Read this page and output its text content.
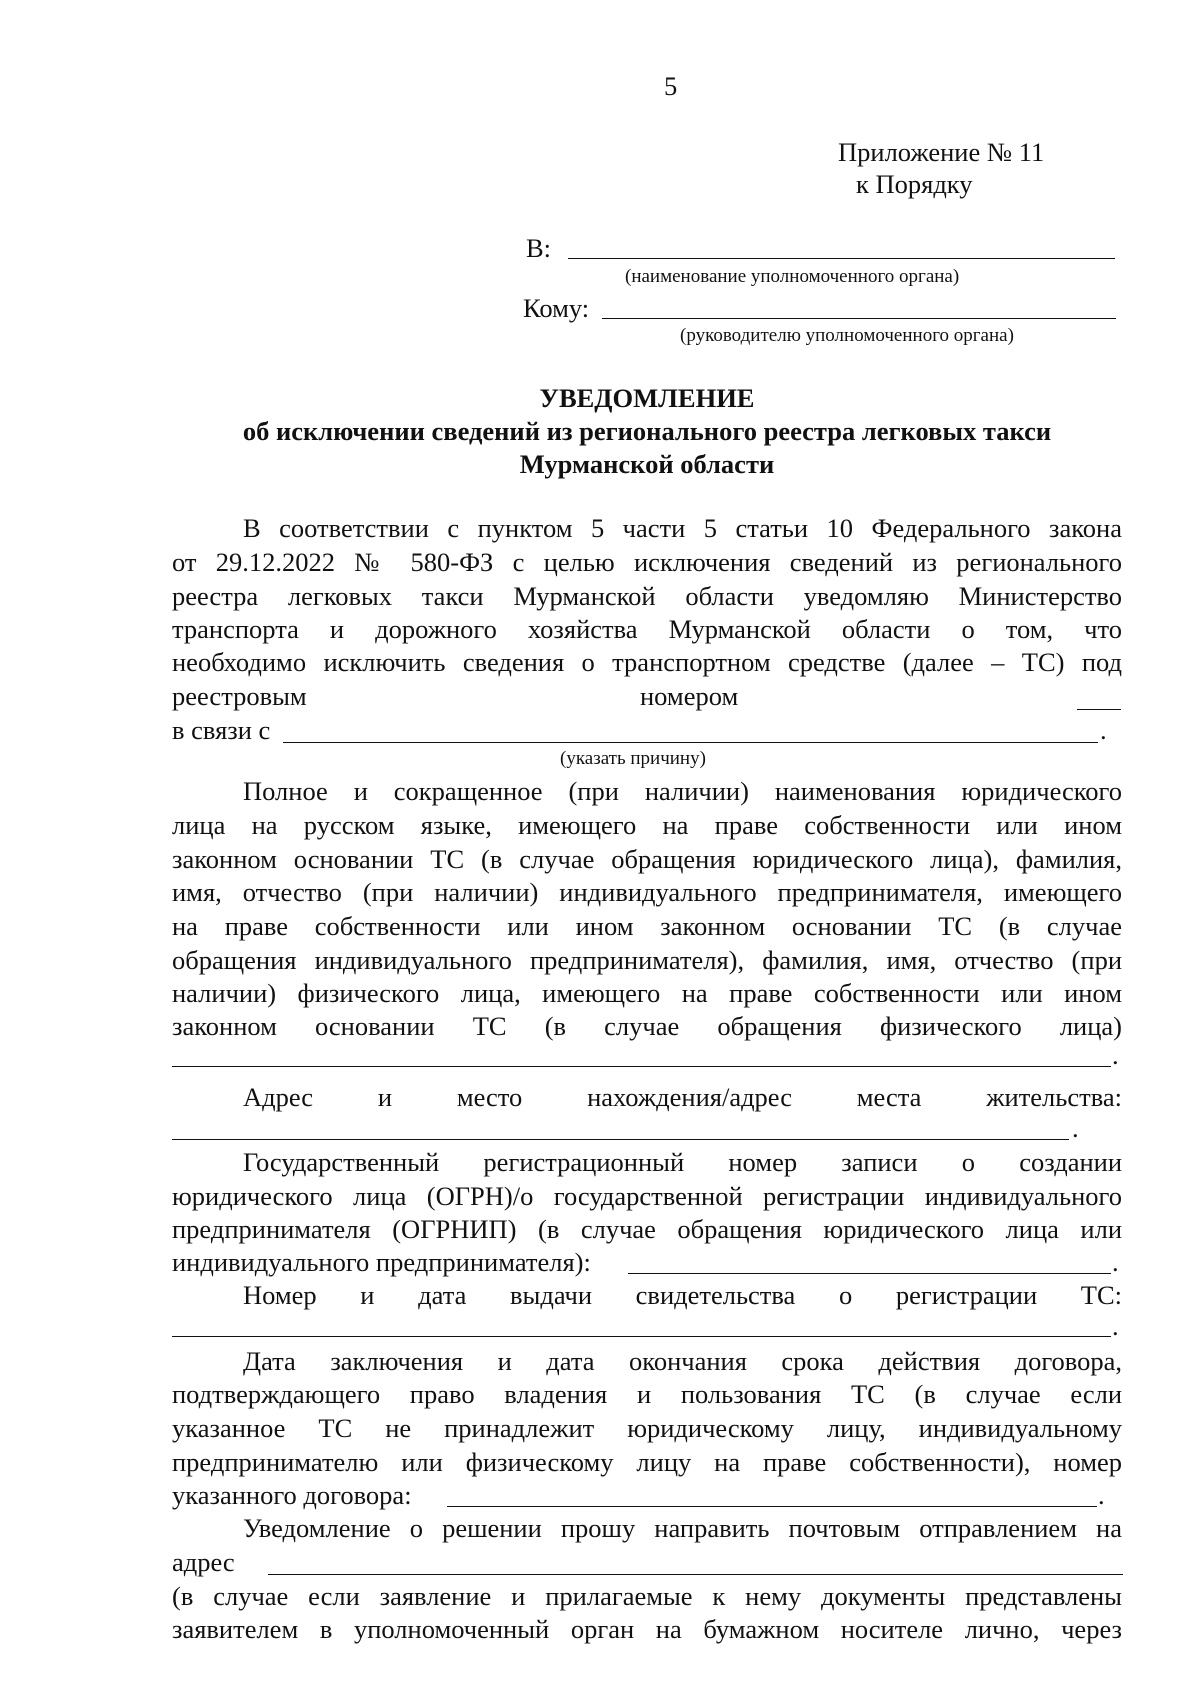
5
Приложение № 11
к Порядку
В:
(наименование уполномоченного органа)
Кому:
(руководителю уполномоченного органа)
УВЕДОМЛЕНИЕ
об исключении сведений из регионального реестра легковых такси
Мурманской области
В соответствии с пунктом 5 части 5 статьи 10 Федерального закона
от 29.12.2022 № 580-ФЗ с целью исключения сведений из регионального
реестра легковых такси Мурманской области уведомляю Министерство
транспорта и дорожного хозяйства Мурманской области о том, что
необходимо исключить сведения о транспортном средстве (далее – ТС) под
реестровым	номером
в связи с	.
(указать причину)
Полное и сокращенное (при наличии) наименования юридического
лица на русском языке, имеющего на праве собственности или ином
законном основании ТС (в случае обращения юридического лица), фамилия,
имя, отчество (при наличии) индивидуального предпринимателя, имеющего
на праве собственности или ином законном основании ТС (в случае
обращения индивидуального предпринимателя), фамилия, имя, отчество (при
наличии) физического лица, имеющего на праве собственности или ином
законном основании ТС (в случае обращения физического лица)
.
Адрес и место нахождения/адрес места жительства:
.
Государственный регистрационный номер записи о создании
юридического лица (ОГРН)/о государственной регистрации индивидуального
предпринимателя (ОГРНИП) (в случае обращения юридического лица или
индивидуального предпринимателя):	.
Номер и дата выдачи свидетельства о регистрации ТС:
.
Дата заключения и дата окончания срока действия договора,
подтверждающего право владения и пользования ТС (в случае если
указанное ТС не принадлежит юридическому лицу, индивидуальному
предпринимателю или физическому лицу на праве собственности), номер
указанного договора:	.
Уведомление о решении прошу направить почтовым отправлением на
адрес
(в случае если заявление и прилагаемые к нему документы представлены
заявителем в уполномоченный орган на бумажном носителе лично, через
